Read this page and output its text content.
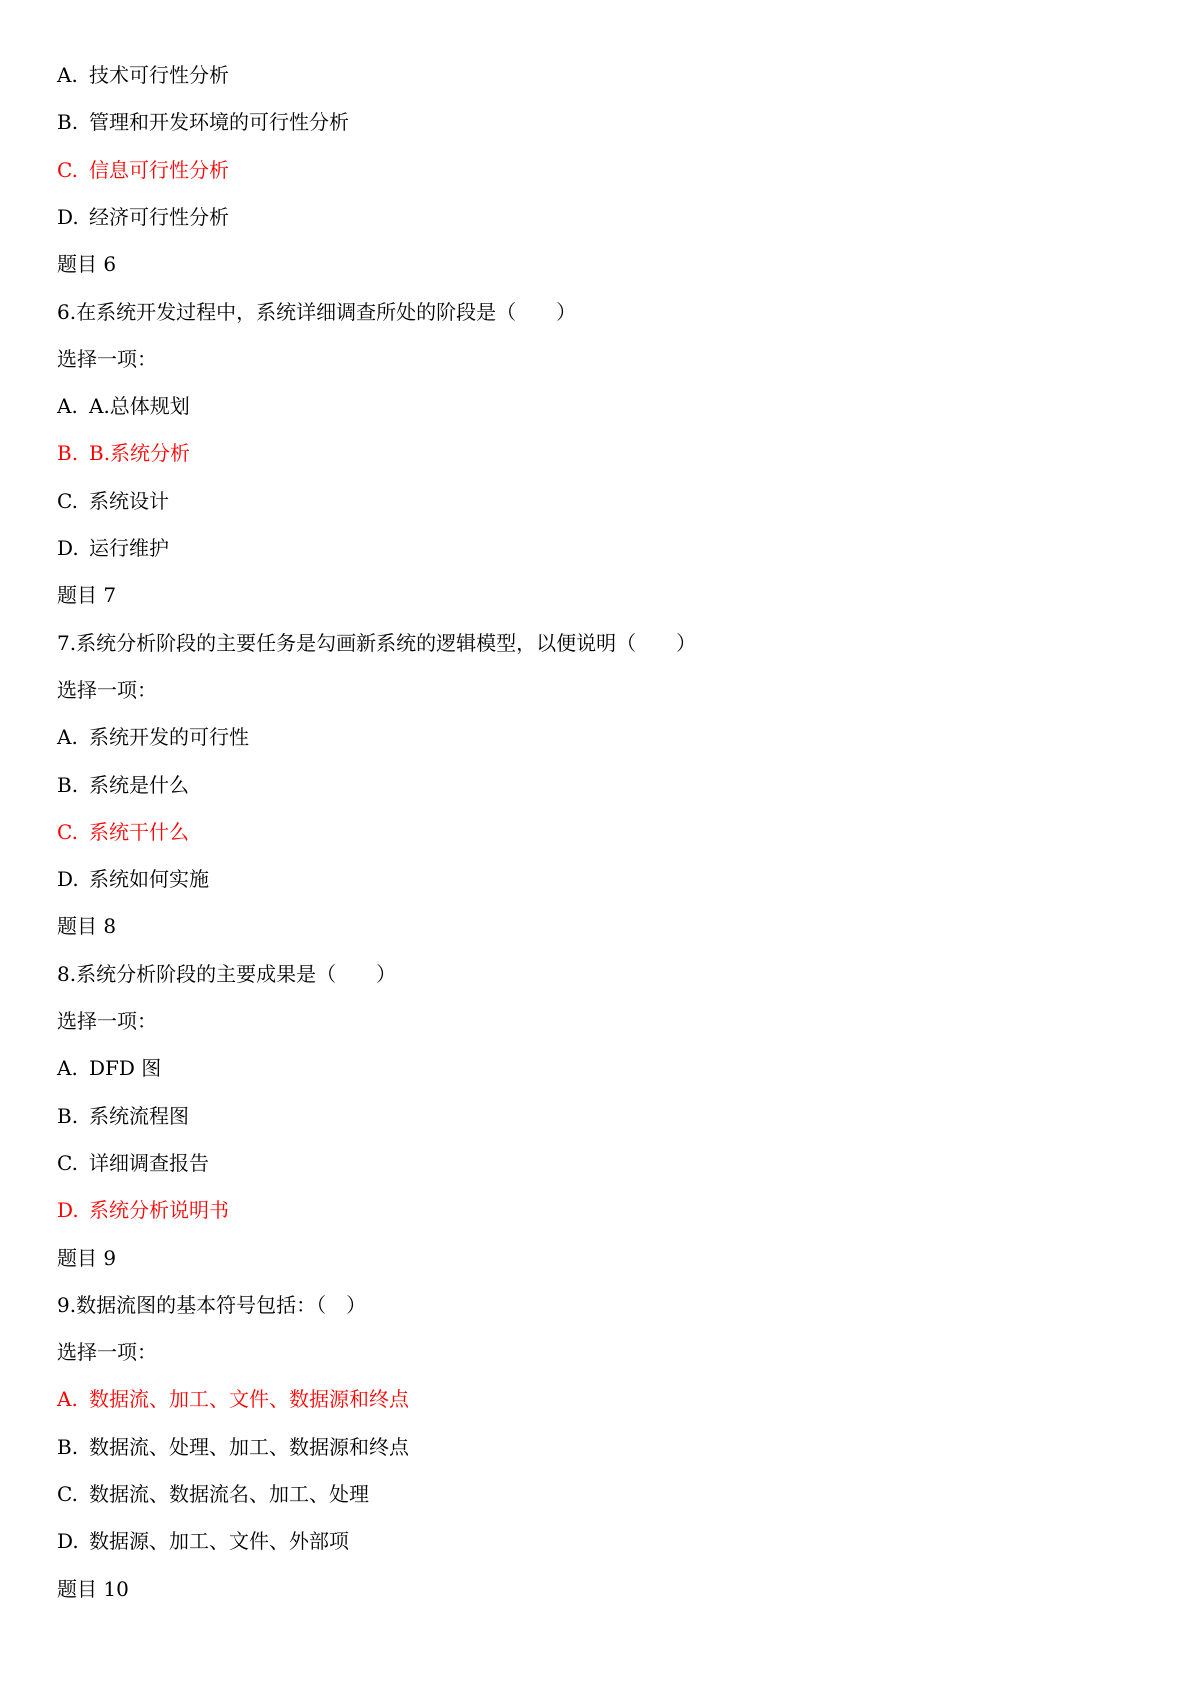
A. 技术可行性分析
B. 管理和开发环境的可行性分析
C. 信息可行性分析
D. 经济可行性分析
题目 6
6.在系统开发过程中，系统详细调查所处的阶段是（　　）
选择一项：
A. A.总体规划
B. B.系统分析
C. 系统设计
D. 运行维护
题目 7
7.系统分析阶段的主要任务是勾画新系统的逻辑模型，以便说明（　　）
选择一项：
A. 系统开发的可行性
B. 系统是什么
C. 系统干什么
D. 系统如何实施
题目 8
8.系统分析阶段的主要成果是（　　）
选择一项：
A. DFD 图
B. 系统流程图
C. 详细调查报告
D. 系统分析说明书
题目 9
9.数据流图的基本符号包括：（　）
选择一项：
A. 数据流、加工、文件、数据源和终点
B. 数据流、处理、加工、数据源和终点
C. 数据流、数据流名、加工、处理
D. 数据源、加工、文件、外部项
题目 10
